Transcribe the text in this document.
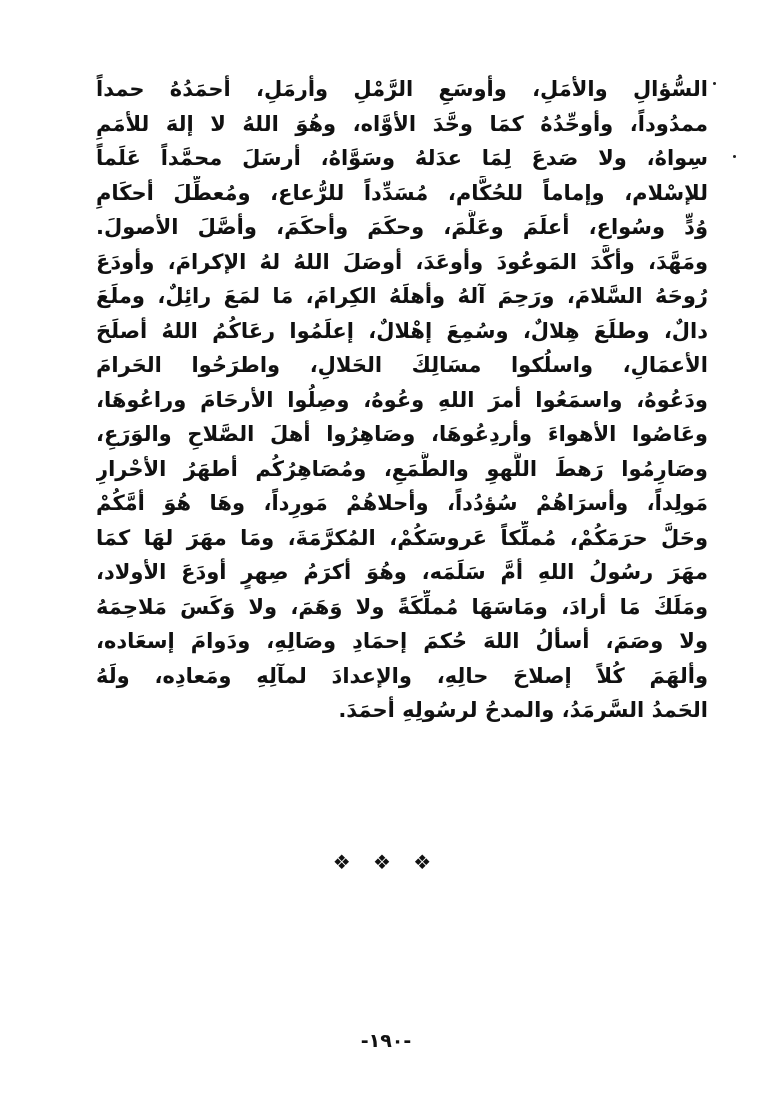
السُّؤالِ والأمَلِ، وأوسَعِ الرَّمْلِ وأرمَلِ، أحمَدُهُ حمداً
ممدُوداً، وأوحِّدُهُ كمَا وحَّدَ الأوَّاه، وهُوَ اللهُ لا إلهَ للأمَمِ
سِواهُ، ولا صَدعَ لِمَا عدَلهُ وسَوَّاهُ، أرسَلَ محمَّداً عَلَماً
للإسْلام، وإماماً للحُكَّام، مُسَدِّداً للرُّعاع، ومُعطِّلَ أحكَامِ
وُدٍّ وسُواع، أعلَمَ وعَلَّمَ، وحكَمَ وأحكَمَ، وأصَّلَ الأصولَ.
ومَهَّدَ، وأكَّدَ المَوعُودَ وأوعَدَ، أوصَلَ اللهُ لهُ الإكرامَ، وأودَعَ
رُوحَهُ السَّلامَ، ورَحِمَ آلهُ وأهلَهُ الكِرامَ، مَا لمَعَ رائِلٌ، وملَعَ
دالٌ، وطلَعَ هِلالٌ، وسُمِعَ إهْلالٌ، إعلَمُوا رعَاكُمُ اللهُ أصلَحَ
الأعمَالِ، واسلُكوا مسَالِكَ الحَلالِ، واطرَحُوا الحَرامَ
ودَعُوهُ، واسمَعُوا أمرَ اللهِ وعُوهُ، وصِلُوا الأرحَامَ وراعُوهَا،
وعَاصُوا الأهواءَ وأردِعُوهَا، وصَاهِرُوا أهلَ الصَّلاحِ والوَرَعِ،
وصَارِمُوا رَهطَ اللَّهوِ والطَّمَعِ، ومُصَاهِرُكُم أطهَرُ الأحْرارِ
مَولِداً، وأسرَاهُمْ سُؤدُداً، وأحلاهُمْ مَورِداً، وهَا هُوَ أمَّكُمْ
وحَلَّ حرَمَكُمْ، مُملِّكاً عَروسَكُمْ، المُكرَّمَةَ، ومَا مهَرَ لهَا كمَا
مهَرَ رسُولُ اللهِ أمَّ سَلَمَه، وهُوَ أكرَمُ صِهرٍ أودَعَ الأولاد،
ومَلَكَ مَا أرادَ، ومَاسَهَا مُملِّكَةً ولا وَهَمَ، ولا وَكَسَ مَلاحِمَهُ
ولا وصَمَ، أسألُ اللهَ حُكمَ إحمَادِ وصَالِهِ، ودَوامَ إسعَاده،
وألهَمَ كُلاً إصلاحَ حالِهِ، والإعدادَ لمآلِهِ ومَعادِه، ولَهُ
الحَمدُ السَّرمَدُ، والمدحُ لرسُولِهِ أحمَدَ.
❖ ❖ ❖
-١٩٠-
